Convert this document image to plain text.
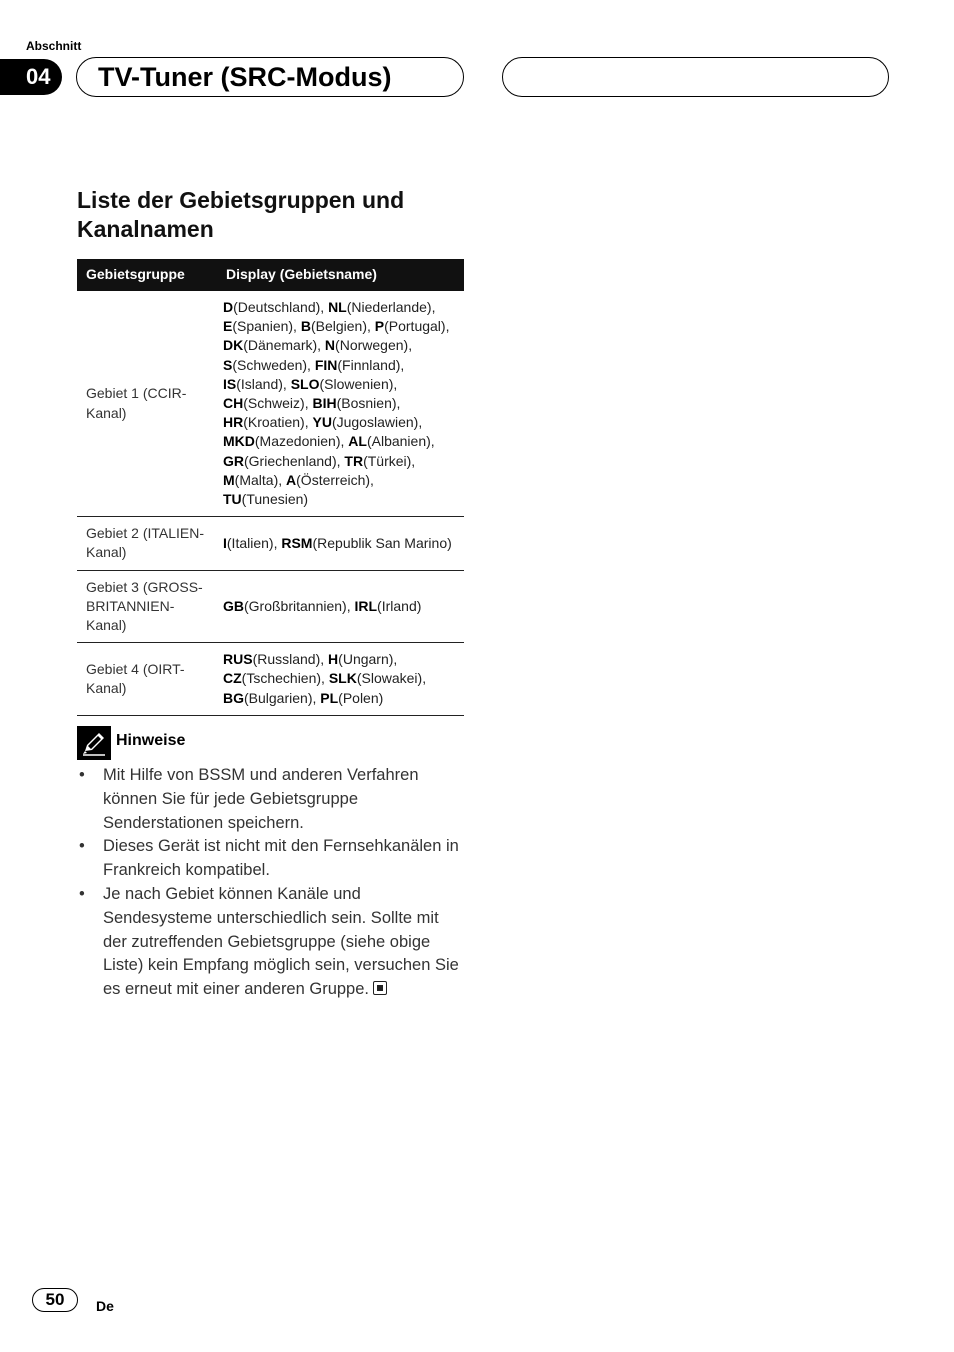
Abschnitt
04	TV-Tuner (SRC-Modus)
Liste der Gebietsgruppen und Kanalnamen
Gebietsgruppe	Display (Gebietsname)
Gebiet 1 (CCIR-Kanal)	D(Deutschland), NL(Niederlande), E(Spanien), B(Belgien), P(Portugal), DK(Dänemark), N(Norwegen), S(Schweden), FIN(Finnland), IS(Island), SLO(Slowenien), CH(Schweiz), BIH(Bosnien), HR(Kroatien), YU(Jugoslawien), MKD(Mazedonien), AL(Albanien), GR(Griechenland), TR(Türkei), M(Malta), A(Österreich), TU(Tunesien)
Gebiet 2 (ITALIEN-Kanal)	I(Italien), RSM(Republik San Marino)
Gebiet 3 (GROSS-BRITANNIEN-Kanal)	GB(Großbritannien), IRL(Irland)
Gebiet 4 (OIRT-Kanal)	RUS(Russland), H(Ungarn), CZ(Tschechien), SLK(Slowakei), BG(Bulgarien), PL(Polen)
Hinweise
• Mit Hilfe von BSSM und anderen Verfahren können Sie für jede Gebietsgruppe Senderstationen speichern.
• Dieses Gerät ist nicht mit den Fernsehkanälen in Frankreich kompatibel.
• Je nach Gebiet können Kanäle und Sendesysteme unterschiedlich sein. Sollte mit der zutreffenden Gebietsgruppe (siehe obige Liste) kein Empfang möglich sein, versuchen Sie es erneut mit einer anderen Gruppe.
50	De
